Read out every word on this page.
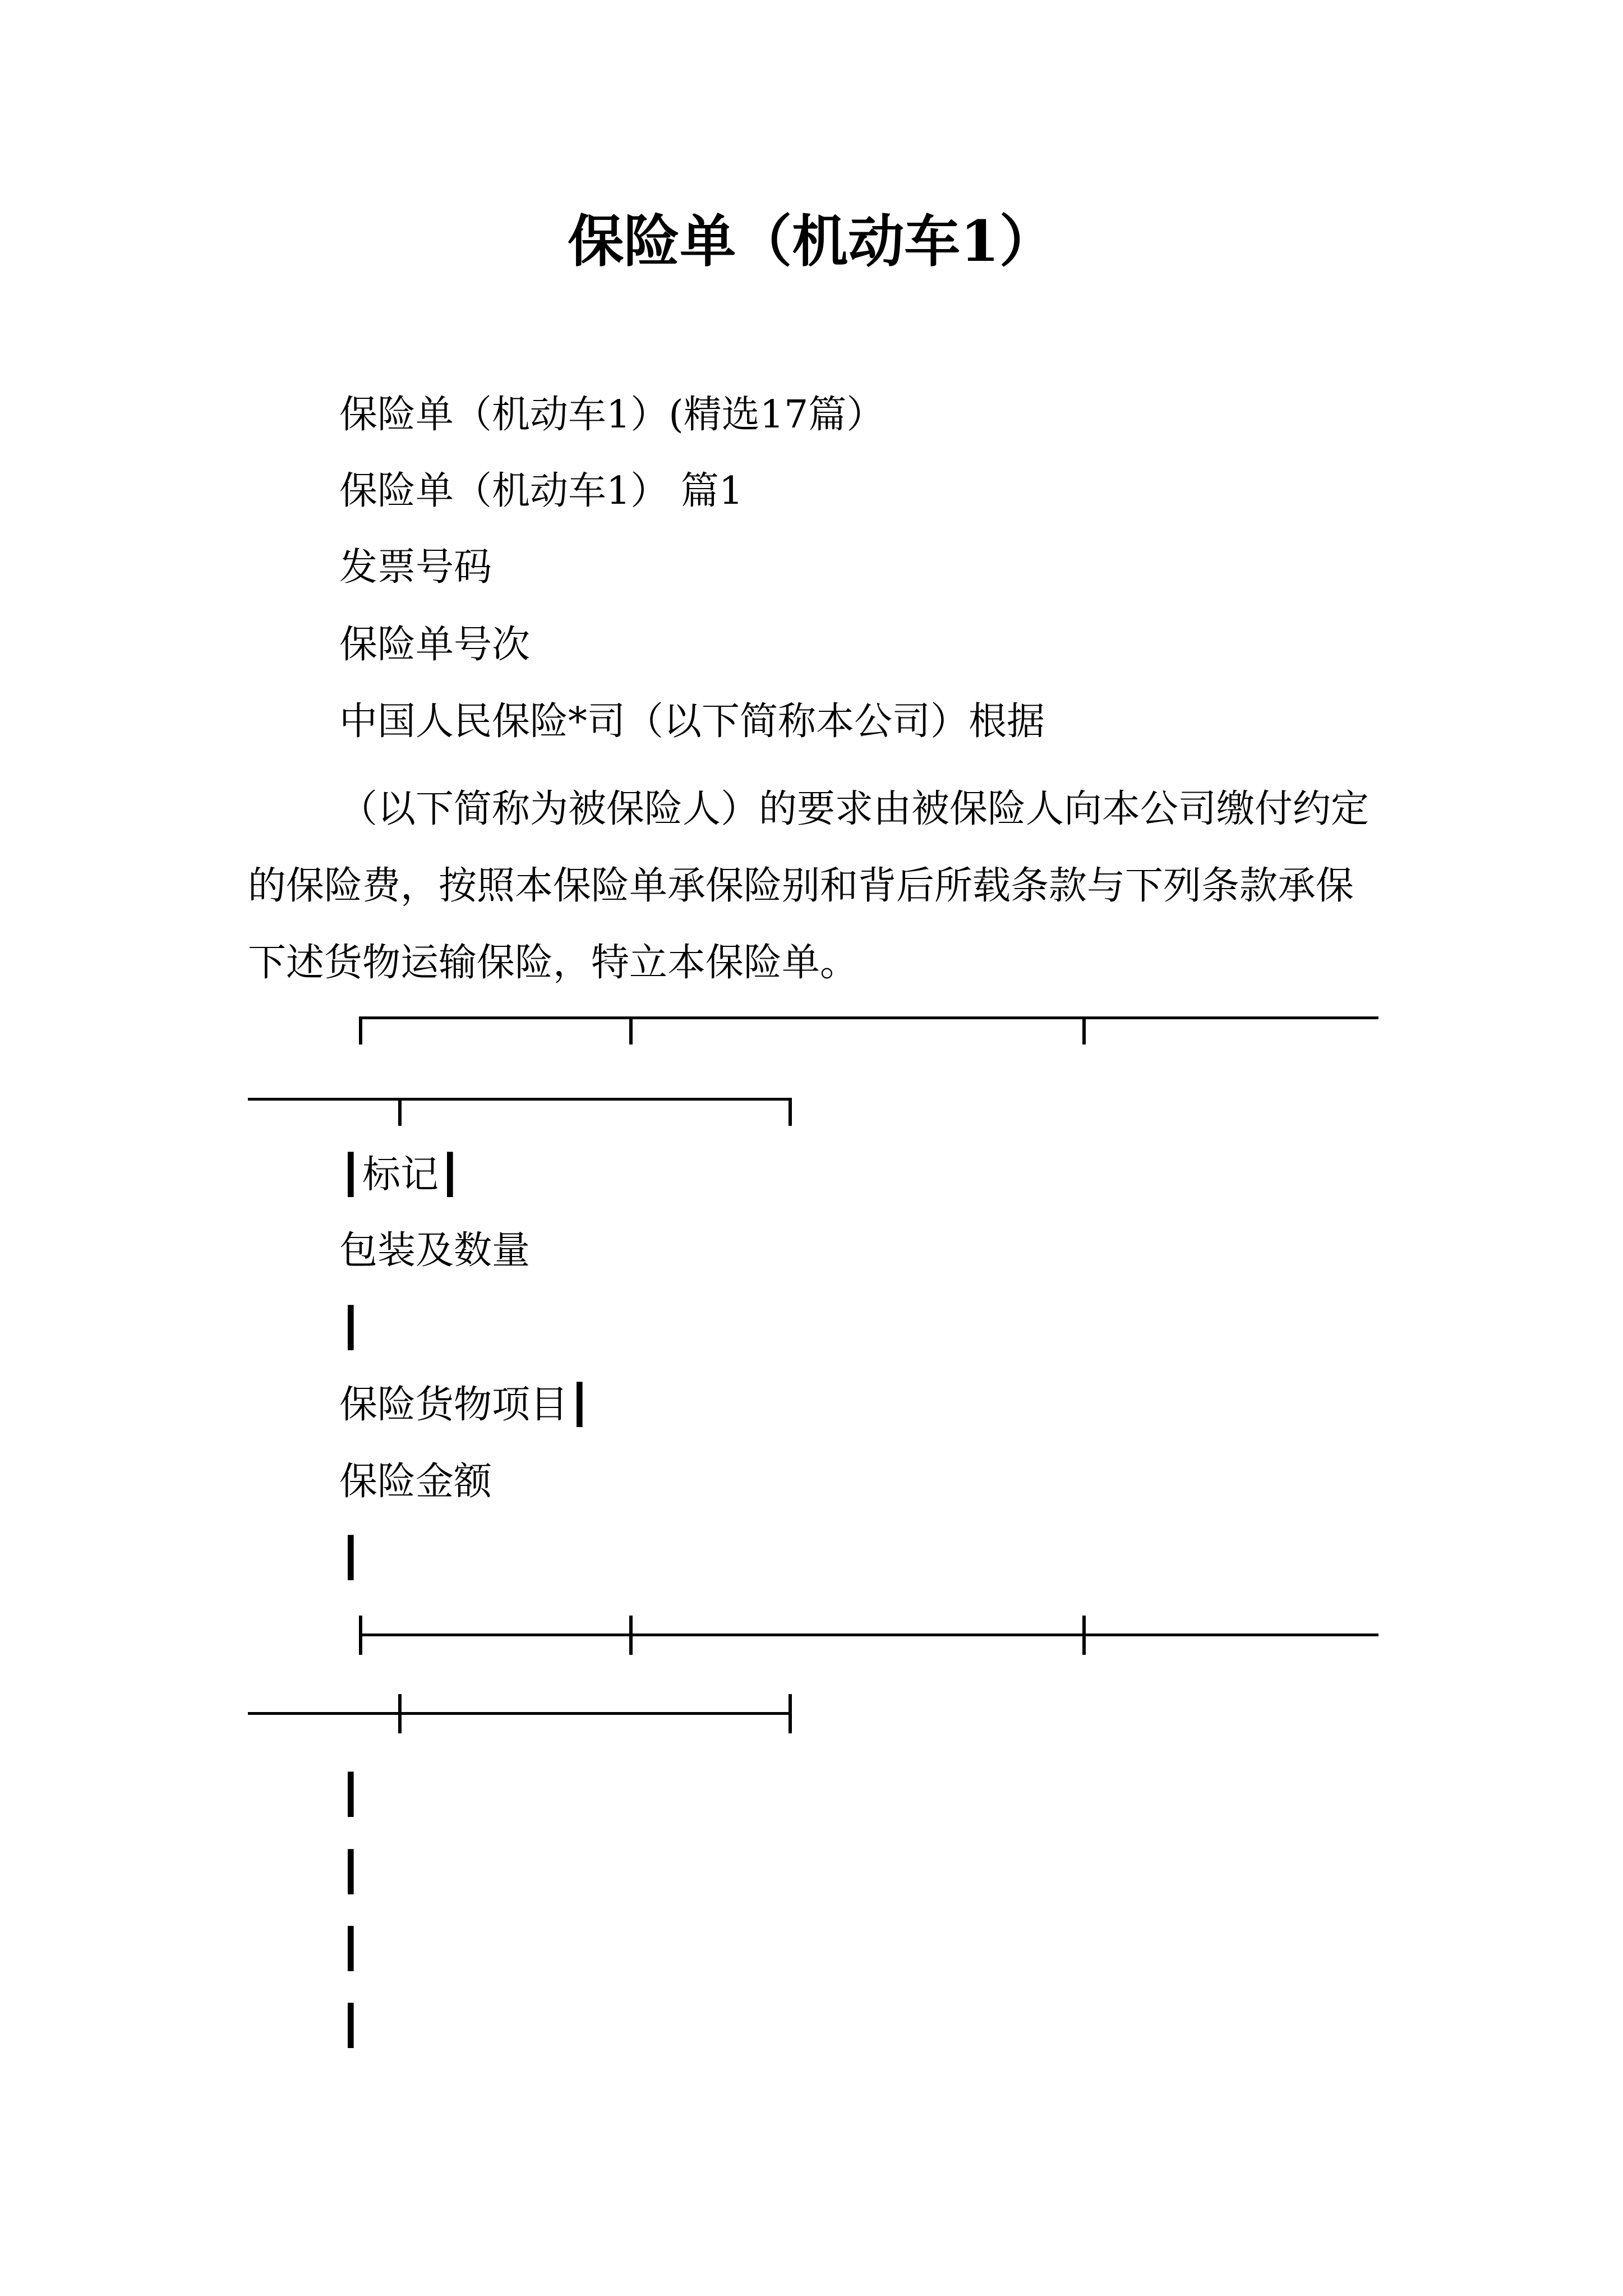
保险单（机动车1）
保险单（机动车1）(精选17篇）
保险单（机动车1） 篇1
发票号码
保险单号次
中国人民保险*司（以下简称本公司）根据
（以下简称为被保险人）的要求由被保险人向本公司缴付约定的保险费，按照本保险单承保险别和背后所载条款与下列条款承保下述货物运输保险，特立本保险单。
┃标记┃
包装及数量
┃
保险货物项目┃
保险金额
┃
┃
┃
┃
┃
